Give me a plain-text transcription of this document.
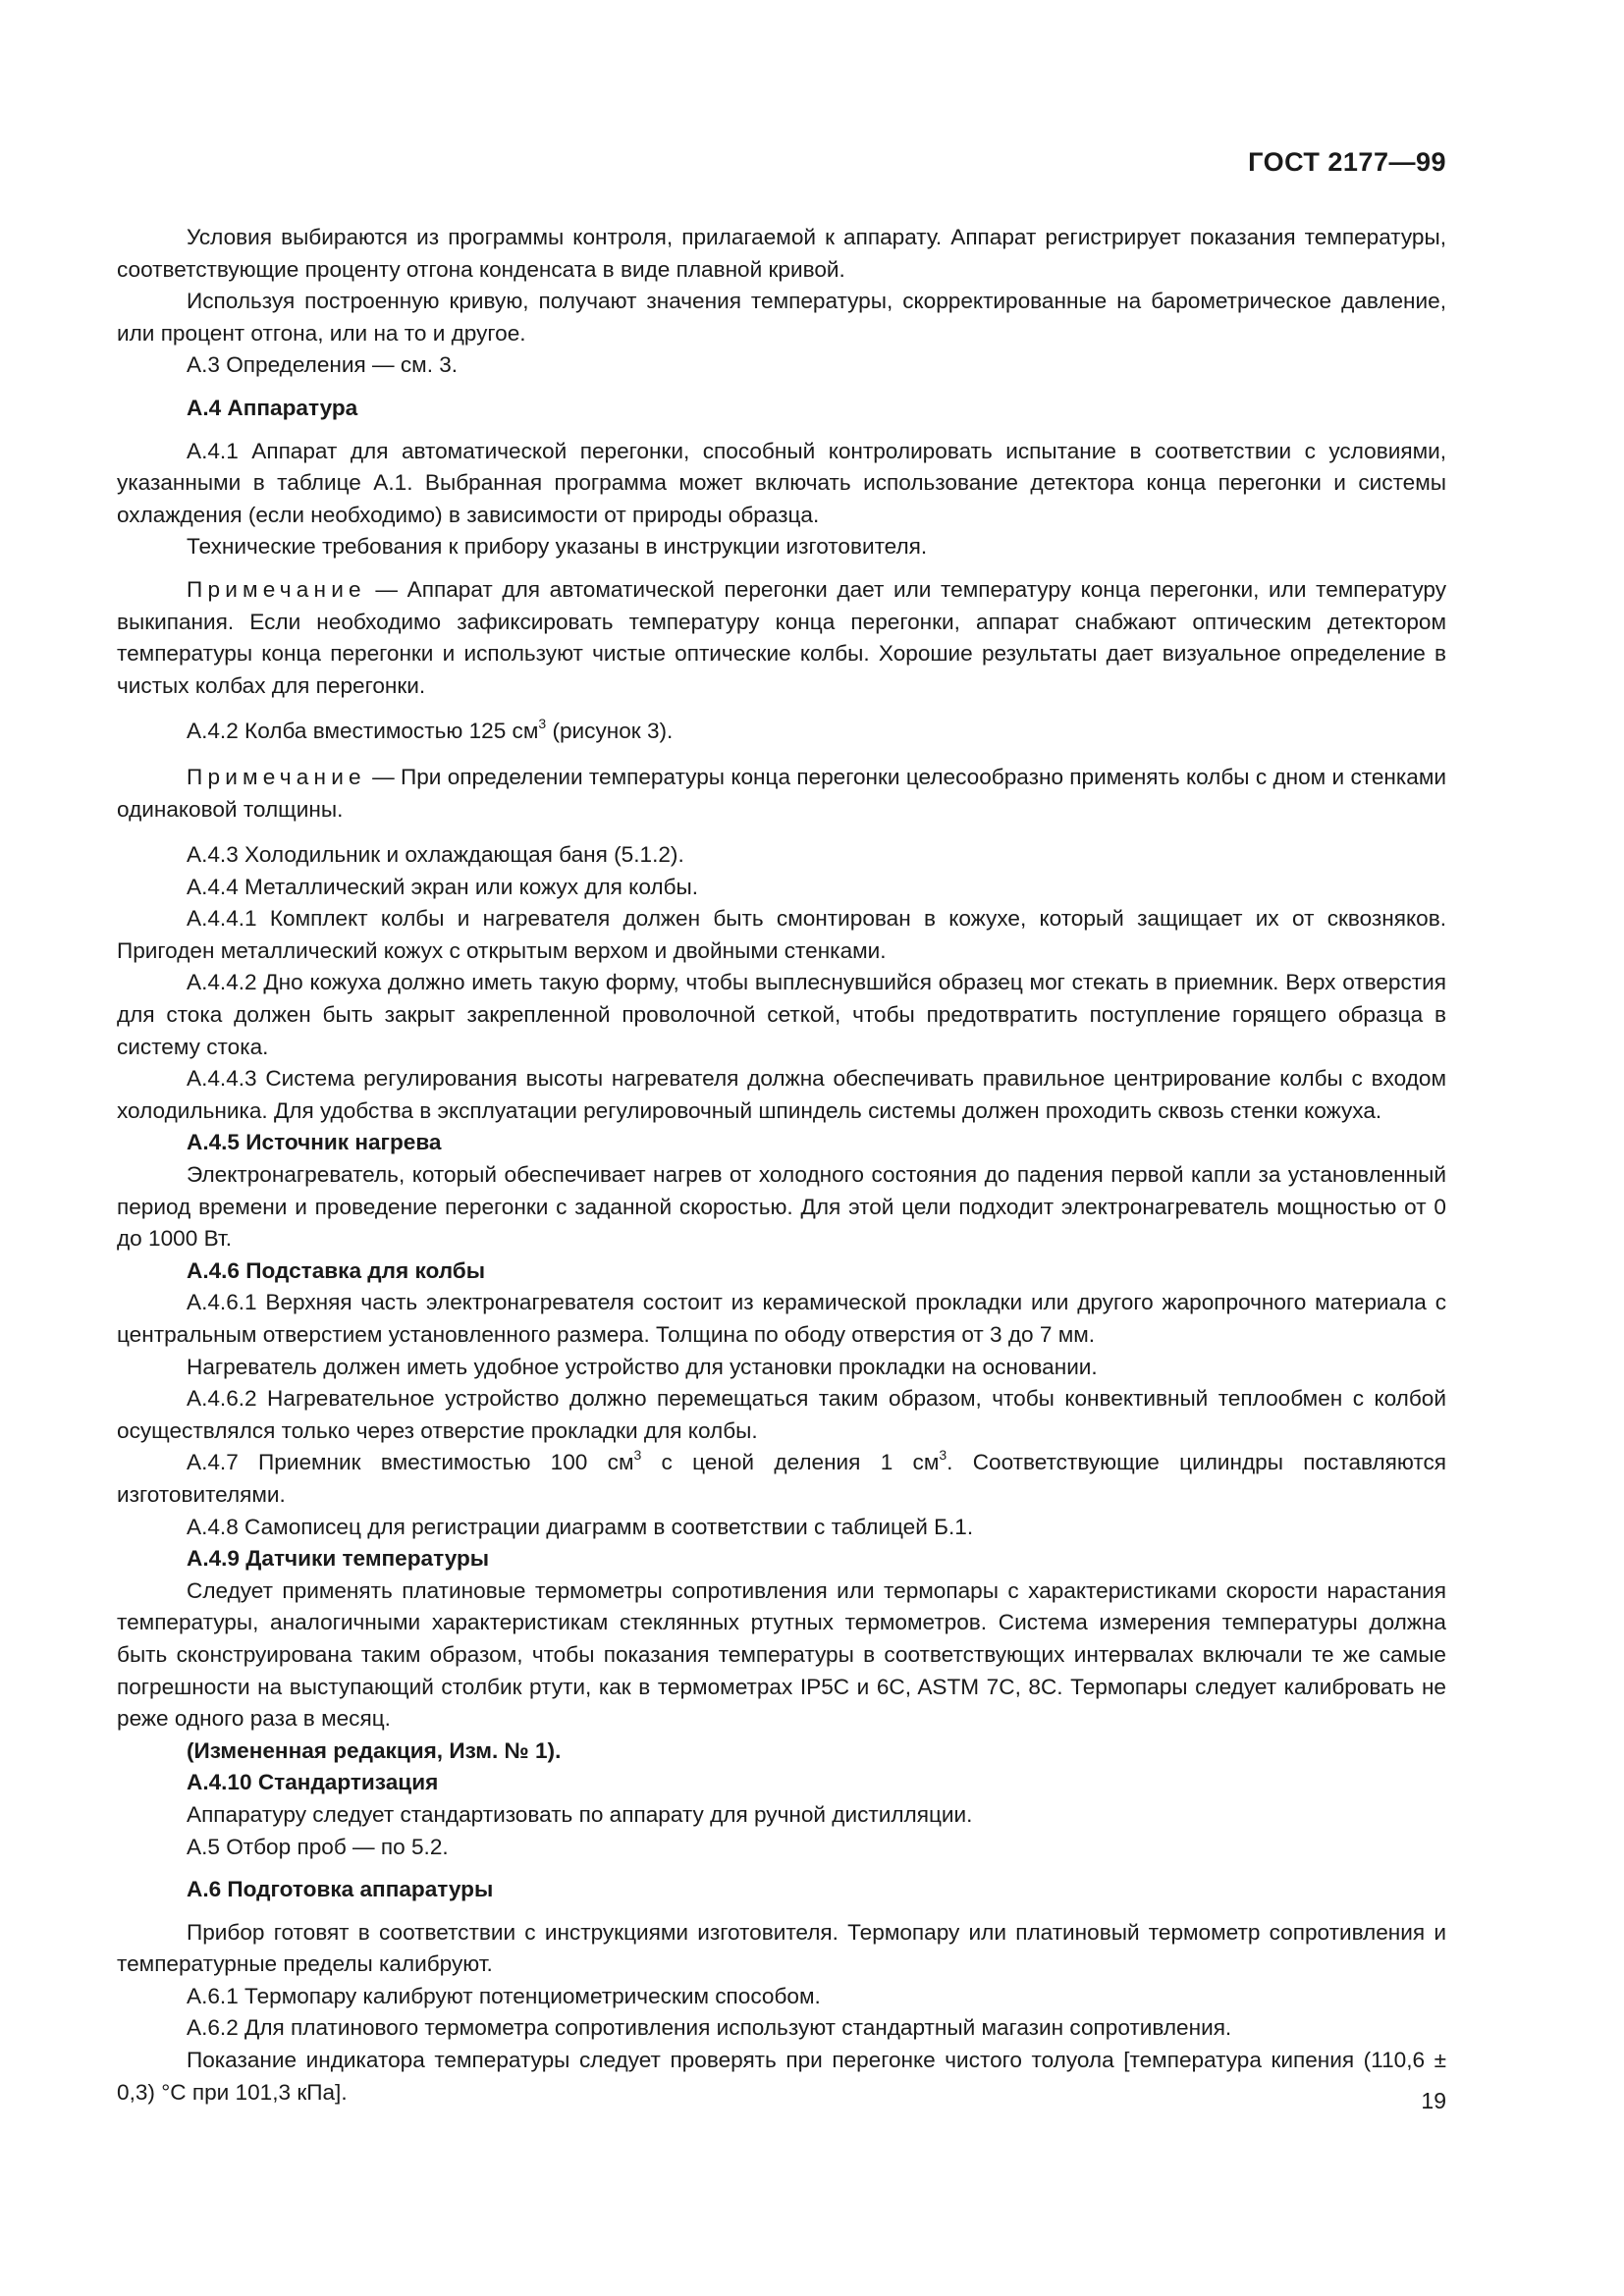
ГОСТ 2177—99

Условия выбираются из программы контроля, прилагаемой к аппарату. Аппарат регистрирует показания температуры, соответствующие проценту отгона конденсата в виде плавной кривой.

Используя построенную кривую, получают значения температуры, скорректированные на барометрическое давление, или процент отгона, или на то и другое.

А.3 Определения — см. 3.

А.4 Аппаратура

А.4.1 Аппарат для автоматической перегонки, способный контролировать испытание в соответствии с условиями, указанными в таблице А.1. Выбранная программа может включать использование детектора конца перегонки и системы охлаждения (если необходимо) в зависимости от природы образца.

Технические требования к прибору указаны в инструкции изготовителя.

Примечание — Аппарат для автоматической перегонки дает или температуру конца перегонки, или температуру выкипания. Если необходимо зафиксировать температуру конца перегонки, аппарат снабжают оптическим детектором температуры конца перегонки и используют чистые оптические колбы. Хорошие результаты дает визуальное определение в чистых колбах для перегонки.

А.4.2 Колба вместимостью 125 $см^3$ (рисунок 3).

Примечание — При определении температуры конца перегонки целесообразно применять колбы с дном и стенками одинаковой толщины.

А.4.3 Холодильник и охлаждающая баня (5.1.2).

А.4.4 Металлический экран или кожух для колбы.

А.4.4.1 Комплект колбы и нагревателя должен быть смонтирован в кожухе, который защищает их от сквозняков. Пригоден металлический кожух с открытым верхом и двойными стенками.

А.4.4.2 Дно кожуха должно иметь такую форму, чтобы выплеснувшийся образец мог стекать в приемник. Верх отверстия для стока должен быть закрыт закрепленной проволочной сеткой, чтобы предотвратить поступление горящего образца в систему стока.

А.4.4.3 Система регулирования высоты нагревателя должна обеспечивать правильное центрирование колбы с входом холодильника. Для удобства в эксплуатации регулировочный шпиндель системы должен проходить сквозь стенки кожуха.

А.4.5 Источник нагрева

Электронагреватель, который обеспечивает нагрев от холодного состояния до падения первой капли за установленный период времени и проведение перегонки с заданной скоростью. Для этой цели подходит электронагреватель мощностью от 0 до 1000 Вт.

А.4.6 Подставка для колбы

А.4.6.1 Верхняя часть электронагревателя состоит из керамической прокладки или другого жаропрочного материала с центральным отверстием установленного размера. Толщина по ободу отверстия от 3 до 7 мм.

Нагреватель должен иметь удобное устройство для установки прокладки на основании.

А.4.6.2 Нагревательное устройство должно перемещаться таким образом, чтобы конвективный теплообмен с колбой осуществлялся только через отверстие прокладки для колбы.

А.4.7 Приемник вместимостью 100 $см^3$ с ценой деления 1 $см^3$. Соответствующие цилиндры поставляются изготовителями.

А.4.8 Самописец для регистрации диаграмм в соответствии с таблицей Б.1.

А.4.9 Датчики температуры

Следует применять платиновые термометры сопротивления или термопары с характеристиками скорости нарастания температуры, аналогичными характеристикам стеклянных ртутных термометров. Система измерения температуры должна быть сконструирована таким образом, чтобы показания температуры в соответствующих интервалах включали те же самые погрешности на выступающий столбик ртути, как в термометрах IP5C и 6C, ASTM 7C, 8C. Термопары следует калибровать не реже одного раза в месяц.

(Измененная редакция, Изм. № 1).
А.4.10 Стандартизация

Аппаратуру следует стандартизовать по аппарату для ручной дистилляции.

А.5 Отбор проб — по 5.2.

А.6 Подготовка аппаратуры

Прибор готовят в соответствии с инструкциями изготовителя. Термопару или платиновый термометр сопротивления и температурные пределы калибруют.

А.6.1 Термопару калибруют потенциометрическим способом.

А.6.2 Для платинового термометра сопротивления используют стандартный магазин сопротивления.

Показание индикатора температуры следует проверять при перегонке чистого толуола [температура кипения (110,6 ± 0,3) °С при 101,3 кПа].	19
